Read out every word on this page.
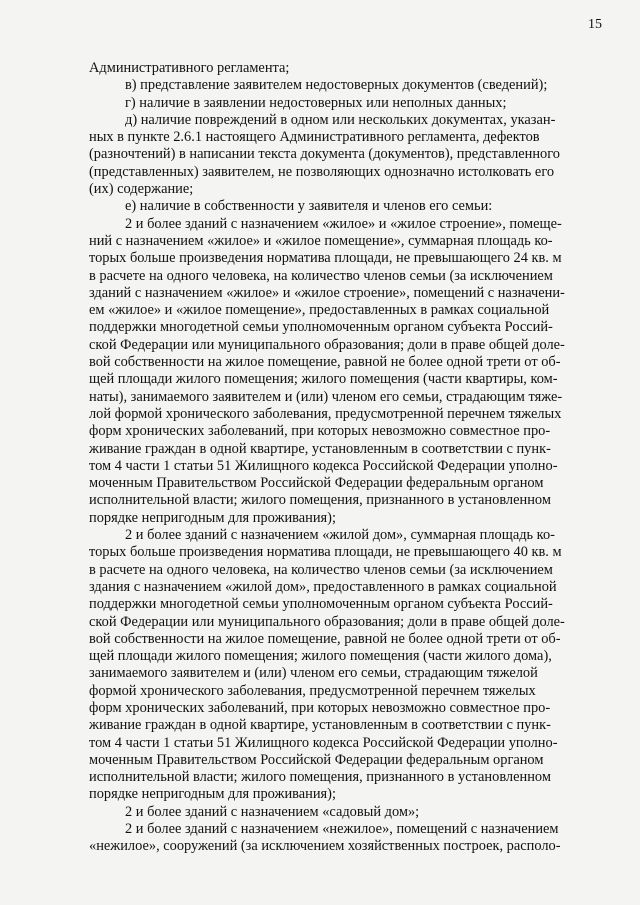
15
Административного регламента;
в) представление заявителем недостоверных документов (сведений);
г) наличие в заявлении недостоверных или неполных данных;
д) наличие повреждений в одном или нескольких документах, указан-
ных в пункте 2.6.1 настоящего Административного регламента, дефектов
(разночтений) в написании текста документа (документов), представленного
(представленных) заявителем, не позволяющих однозначно истолковать его
(их) содержание;
е) наличие в собственности у заявителя и членов его семьи:
2 и более зданий с назначением «жилое» и «жилое строение», помеще-
ний с назначением «жилое» и «жилое помещение», суммарная площадь ко-
торых больше произведения норматива площади, не превышающего 24 кв. м
в расчете на одного человека, на количество членов семьи (за исключением
зданий с назначением «жилое» и «жилое строение», помещений с назначени-
ем «жилое» и «жилое помещение», предоставленных в рамках социальной
поддержки многодетной семьи уполномоченным органом субъекта Россий-
ской Федерации или муниципального образования; доли в праве общей доле-
вой собственности на жилое помещение, равной не более одной трети от об-
щей площади жилого помещения; жилого помещения (части квартиры, ком-
наты), занимаемого заявителем и (или) членом его семьи, страдающим тяже-
лой формой хронического заболевания, предусмотренной перечнем тяжелых
форм хронических заболеваний, при которых невозможно совместное про-
живание граждан в одной квартире, установленным в соответствии с пунк-
том 4 части 1 статьи 51 Жилищного кодекса Российской Федерации уполно-
моченным Правительством Российской Федерации федеральным органом
исполнительной власти; жилого помещения, признанного в установленном
порядке непригодным для проживания);
2 и более зданий с назначением «жилой дом», суммарная площадь ко-
торых больше произведения норматива площади, не превышающего 40 кв. м
в расчете на одного человека, на количество членов семьи (за исключением
здания с назначением «жилой дом», предоставленного в рамках социальной
поддержки многодетной семьи уполномоченным органом субъекта Россий-
ской Федерации или муниципального образования; доли в праве общей доле-
вой собственности на жилое помещение, равной не более одной трети от об-
щей площади жилого помещения; жилого помещения (части жилого дома),
занимаемого заявителем и (или) членом его семьи, страдающим тяжелой
формой хронического заболевания, предусмотренной перечнем тяжелых
форм хронических заболеваний, при которых невозможно совместное про-
живание граждан в одной квартире, установленным в соответствии с пунк-
том 4 части 1 статьи 51 Жилищного кодекса Российской Федерации уполно-
моченным Правительством Российской Федерации федеральным органом
исполнительной власти; жилого помещения, признанного в установленном
порядке непригодным для проживания);
2 и более зданий с назначением «садовый дом»;
2 и более зданий с назначением «нежилое», помещений с назначением
«нежилое», сооружений (за исключением хозяйственных построек, располо-
